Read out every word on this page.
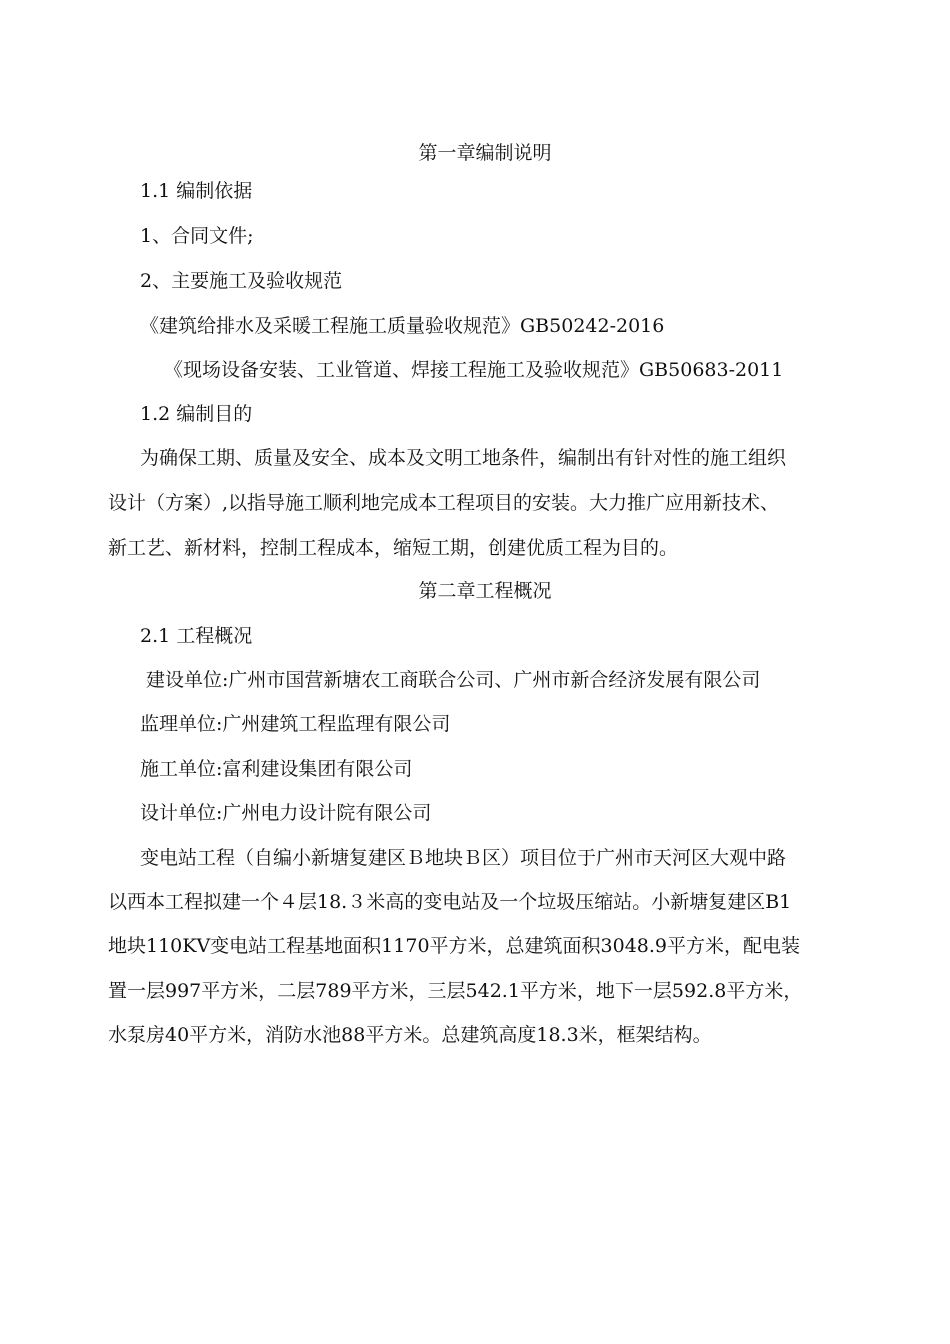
第一章编制说明
1.1 编制依据
1、合同文件;
2、主要施工及验收规范
《建筑给排水及采暖工程施工质量验收规范》GB50242-2016
《现场设备安装、工业管道、焊接工程施工及验收规范》GB50683-2011
1.2 编制目的
为确保工期、质量及安全、成本及文明工地条件，编制出有针对性的施工组织
设计（方案）,以指导施工顺利地完成本工程项目的安装。大力推广应用新技术、
新工艺、新材料，控制工程成本，缩短工期，创建优质工程为目的。
第二章工程概况
2.1 工程概况
建设单位:广州市国营新塘农工商联合公司、广州市新合经济发展有限公司
监理单位:广州建筑工程监理有限公司
施工单位:富利建设集团有限公司
设计单位:广州电力设计院有限公司
变电站工程（自编小新塘复建区Ｂ地块Ｂ区）项目位于广州市天河区大观中路
以西本工程拟建一个４层18.３米高的变电站及一个垃圾压缩站。小新塘复建区B1
地块110KV变电站工程基地面积1170平方米，总建筑面积3048.9平方米，配电装
置一层997平方米，二层789平方米，三层542.1平方米，地下一层592.8平方米，
水泵房40平方米，消防水池88平方米。总建筑高度18.3米，框架结构。
